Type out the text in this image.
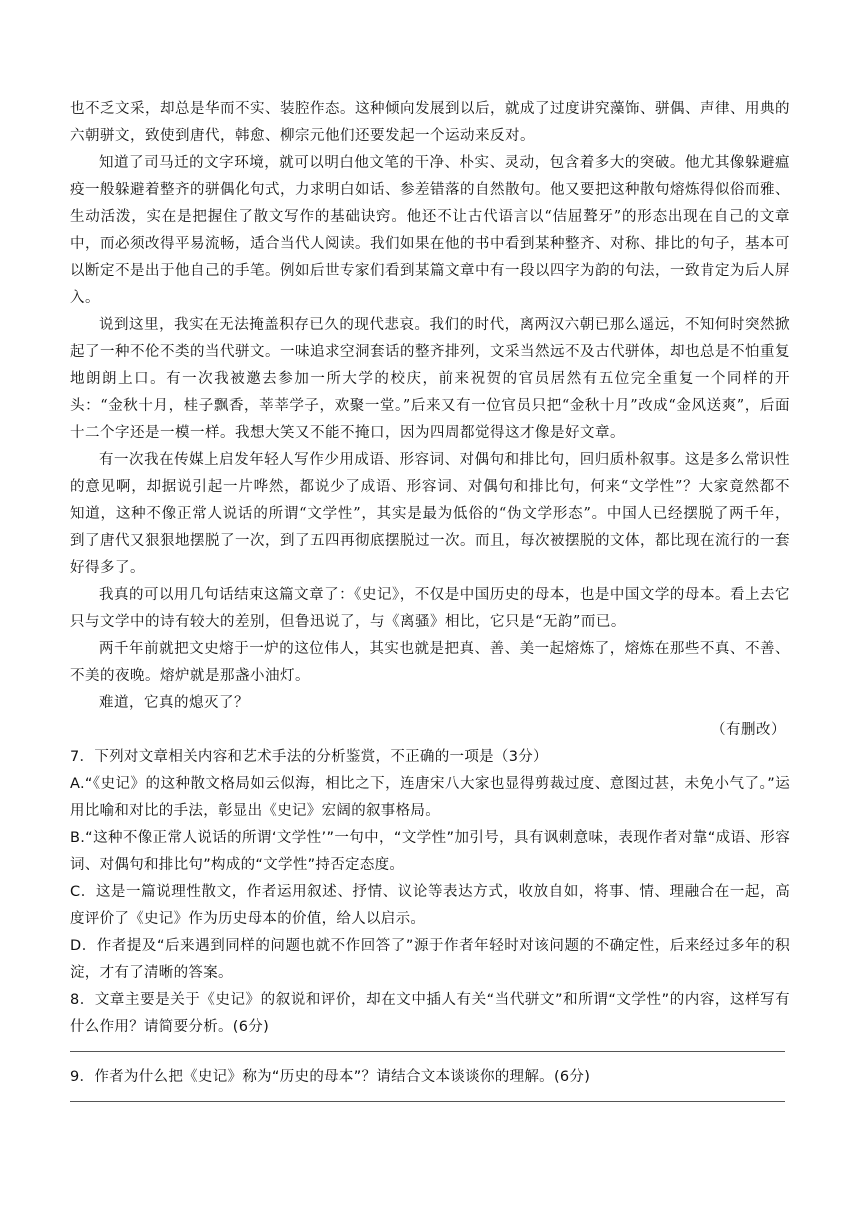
也不乏文采，却总是华而不实、装腔作态。这种倾向发展到以后，就成了过度讲究藻饰、骈偶、声律、用典的六朝骈文，致使到唐代，韩愈、柳宗元他们还要发起一个运动来反对。

知道了司马迁的文字环境，就可以明白他文笔的干净、朴实、灵动，包含着多大的突破。他尤其像躲避瘟疫一般躲避着整齐的骈偶化句式，力求明白如话、参差错落的自然散句。他又要把这种散句熔炼得似俗而雅、生动活泼，实在是把握住了散文写作的基础诀窍。他还不让古代语言以“佶屈聱牙”的形态出现在自己的文章中，而必须改得平易流畅，适合当代人阅读。我们如果在他的书中看到某种整齐、对称、排比的句子，基本可以断定不是出于他自己的手笔。例如后世专家们看到某篇文章中有一段以四字为韵的句法，一致肯定为后人屏入。

说到这里，我实在无法掩盖积存已久的现代悲哀。我们的时代，离两汉六朝已那么遥远，不知何时突然掀起了一种不伦不类的当代骈文。一味追求空洞套话的整齐排列，文采当然远不及古代骈体，却也总是不怕重复地朗朗上口。有一次我被邀去参加一所大学的校庆，前来祝贺的官员居然有五位完全重复一个同样的开头：“金秋十月，桂子飘香，莘莘学子，欢聚一堂。”后来又有一位官员只把“金秋十月”改成“金风送爽”，后面十二个字还是一模一样。我想大笑又不能不掩口，因为四周都觉得这才像是好文章。

有一次我在传媒上启发年轻人写作少用成语、形容词、对偶句和排比句，回归质朴叙事。这是多么常识性的意见啊，却据说引起一片哗然，都说少了成语、形容词、对偶句和排比句，何来“文学性”？大家竟然都不知道，这种不像正常人说话的所谓“文学性”，其实是最为低俗的“伪文学形态”。中国人已经摆脱了两千年，到了唐代又狠狠地摆脱了一次，到了五四再彻底摆脱过一次。而且，每次被摆脱的文体，都比现在流行的一套好得多了。

我真的可以用几句话结束这篇文章了：《史记》，不仅是中国历史的母本，也是中国文学的母本。看上去它只与文学中的诗有较大的差别，但鲁迅说了，与《离骚》相比，它只是“无韵”而已。

两千年前就把文史熔于一炉的这位伟人，其实也就是把真、善、美一起熔炼了，熔炼在那些不真、不善、不美的夜晚。熔炉就是那盏小油灯。

难道，它真的熄灭了？

（有删改）

7．下列对文章相关内容和艺术手法的分析鉴赏，不正确的一项是（3分）

A.“《史记》的这种散文格局如云似海，相比之下，连唐宋八大家也显得剪裁过度、意图过甚，未免小气了。”运用比喻和对比的手法，彰显出《史记》宏阔的叙事格局。

B.“这种不像正常人说话的所谓‘文学性’”一句中，“文学性”加引号，具有讽刺意味，表现作者对靠“成语、形容词、对偶句和排比句”构成的“文学性”持否定态度。

C．这是一篇说理性散文，作者运用叙述、抒情、议论等表达方式，收放自如，将事、情、理融合在一起，高度评价了《史记》作为历史母本的价值，给人以启示。

D．作者提及“后来遇到同样的问题也就不作回答了”源于作者年轻时对该问题的不确定性，后来经过多年的积淀，才有了清晰的答案。

8．文章主要是关于《史记》的叙说和评价，却在文中插人有关“当代骈文”和所谓“文学性”的内容，这样写有什么作用？请简要分析。(6分)

9．作者为什么把《史记》称为“历史的母本”？请结合文本谈谈你的理解。(6分)
